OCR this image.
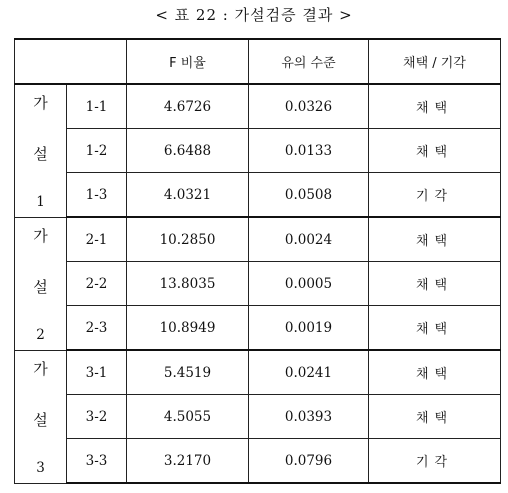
< 표 22 : 가설검증 결과 >
		F 비율	유의 수준	채택 / 기각

가
설
1	1-1	4.6726	0.0326	채택
	1-2	6.6488	0.0133	채택
	1-3	4.0321	0.0508	기각

가
설
2	2-1	10.2850	0.0024	채택
	2-2	13.8035	0.0005	채택
	2-3	10.8949	0.0019	채택

가
설
3	3-1	5.4519	0.0241	채택
	3-2	4.5055	0.0393	채택
	3-3	3.2170	0.0796	기각
